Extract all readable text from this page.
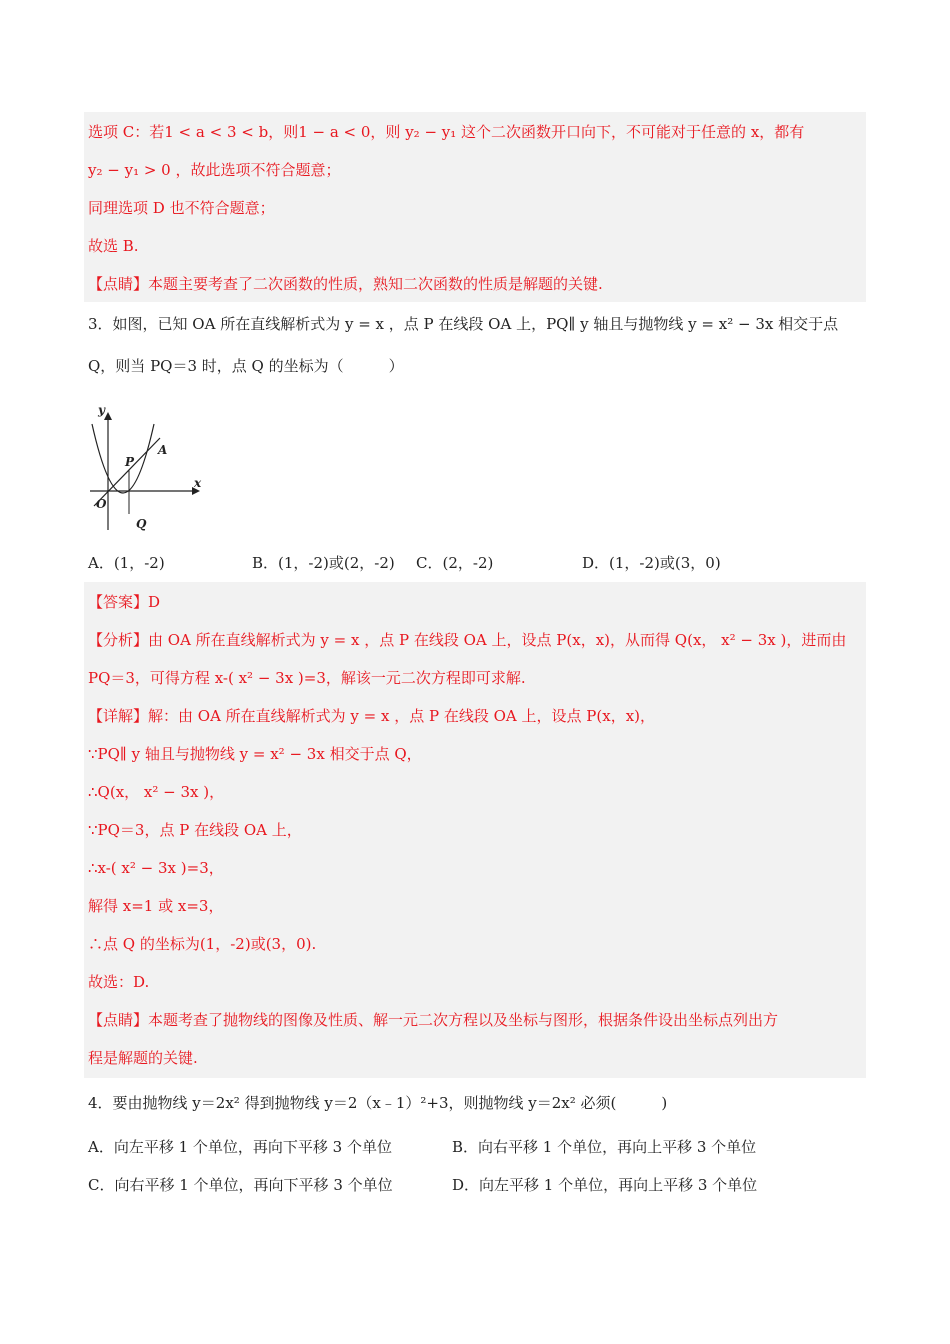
选项 C：若1 < a < 3 < b，则1 − a < 0，则 y₂ − y₁ 这个二次函数开口向下，不可能对于任意的 x，都有
y₂ − y₁ > 0 ，故此选项不符合题意；
同理选项 D 也不符合题意；
故选 B.
【点睛】本题主要考查了二次函数的性质，熟知二次函数的性质是解题的关键.
3．如图，已知 OA 所在直线解析式为 y = x ，点 P 在线段 OA 上，PQ∥ y 轴且与抛物线 y = x² − 3x 相交于点
Q，则当 PQ＝3 时，点 Q 的坐标为（　　　）
y
x
O
P
A
Q
A．(1，-2)	B．(1，-2)或(2，-2) C．(2，-2)	D．(1，-2)或(3，0)
【答案】D
【分析】由 OA 所在直线解析式为 y = x ，点 P 在线段 OA 上，设点 P(x，x)，从而得 Q(x， x² − 3x )，进而由
PQ＝3，可得方程 x-( x² − 3x )=3，解该一元二次方程即可求解.
【详解】解：由 OA 所在直线解析式为 y = x ，点 P 在线段 OA 上，设点 P(x，x)，
∵PQ∥ y 轴且与抛物线 y = x² − 3x 相交于点 Q，
∴Q(x， x² − 3x )，
∵PQ＝3，点 P 在线段 OA 上，
∴x-( x² − 3x )=3，
解得 x=1 或 x=3，
∴点 Q 的坐标为(1，-2)或(3，0).
故选：D.
【点睛】本题考查了抛物线的图像及性质、解一元二次方程以及坐标与图形，根据条件设出坐标点列出方
程是解题的关键.
4．要由抛物线 y＝2x² 得到抛物线 y＝2（x﹣1）²+3，则抛物线 y＝2x² 必须(　　　)
A．向左平移 1 个单位，再向下平移 3 个单位	B．向右平移 1 个单位，再向上平移 3 个单位
C．向右平移 1 个单位，再向下平移 3 个单位	D．向左平移 1 个单位，再向上平移 3 个单位
